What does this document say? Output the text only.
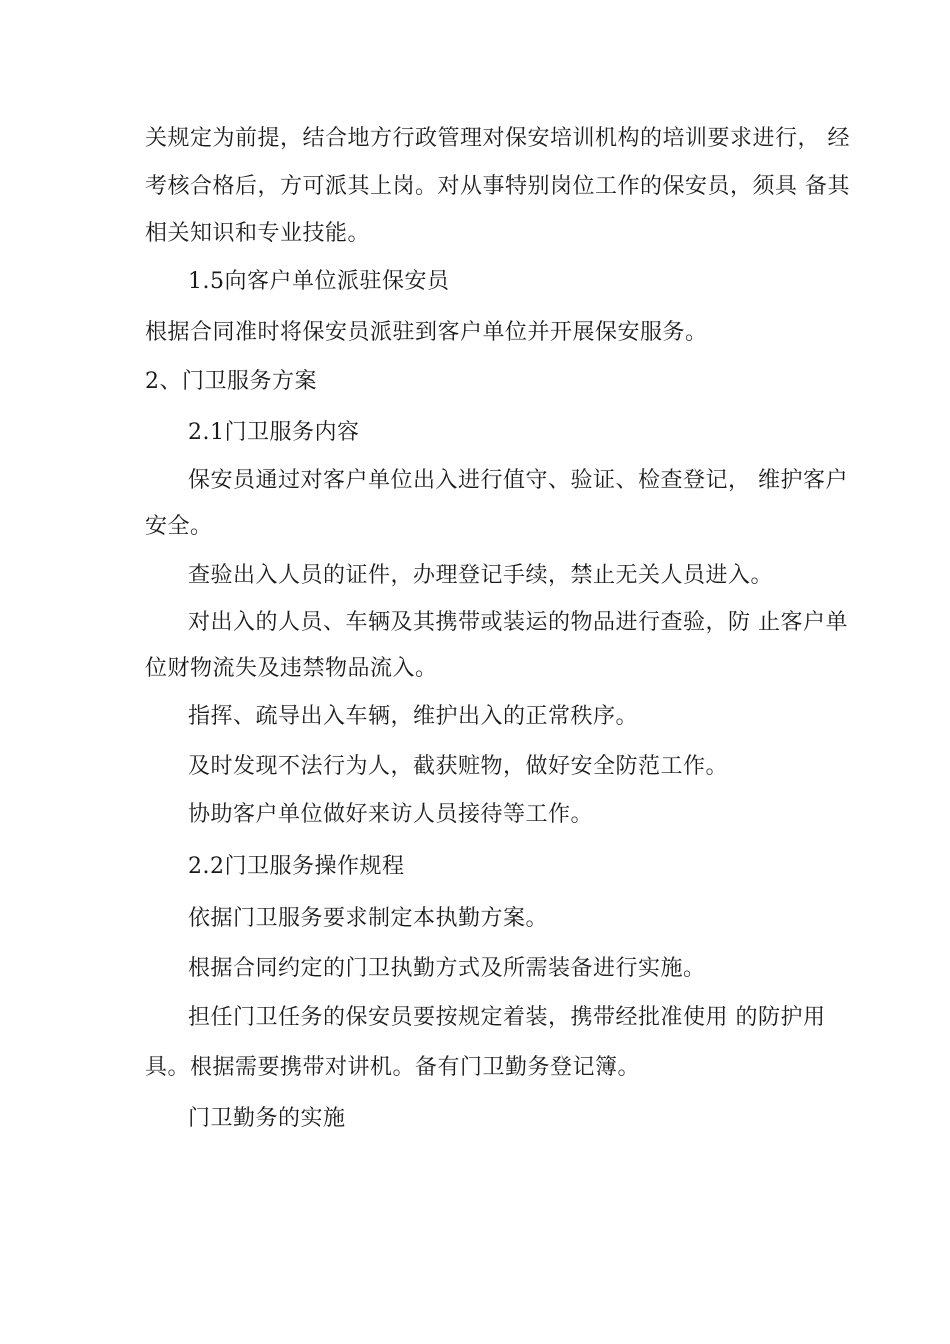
关规定为前提，结合地方行政管理对保安培训机构的培训要求进行， 经
考核合格后，方可派其上岗。对从事特别岗位工作的保安员，须具 备其
相关知识和专业技能。
1.5向客户单位派驻保安员
根据合同准时将保安员派驻到客户单位并开展保安服务。
2、门卫服务方案
2.1门卫服务内容
保安员通过对客户单位出入进行值守、验证、检查登记， 维护客户
安全。
查验出入人员的证件，办理登记手续，禁止无关人员进入。
对出入的人员、车辆及其携带或装运的物品进行查验，防 止客户单
位财物流失及违禁物品流入。
指挥、疏导出入车辆，维护出入的正常秩序。
及时发现不法行为人，截获赃物，做好安全防范工作。
协助客户单位做好来访人员接待等工作。
2.2门卫服务操作规程
依据门卫服务要求制定本执勤方案。
根据合同约定的门卫执勤方式及所需装备进行实施。
担任门卫任务的保安员要按规定着装，携带经批准使用 的防护用
具。根据需要携带对讲机。备有门卫勤务登记簿。
门卫勤务的实施
